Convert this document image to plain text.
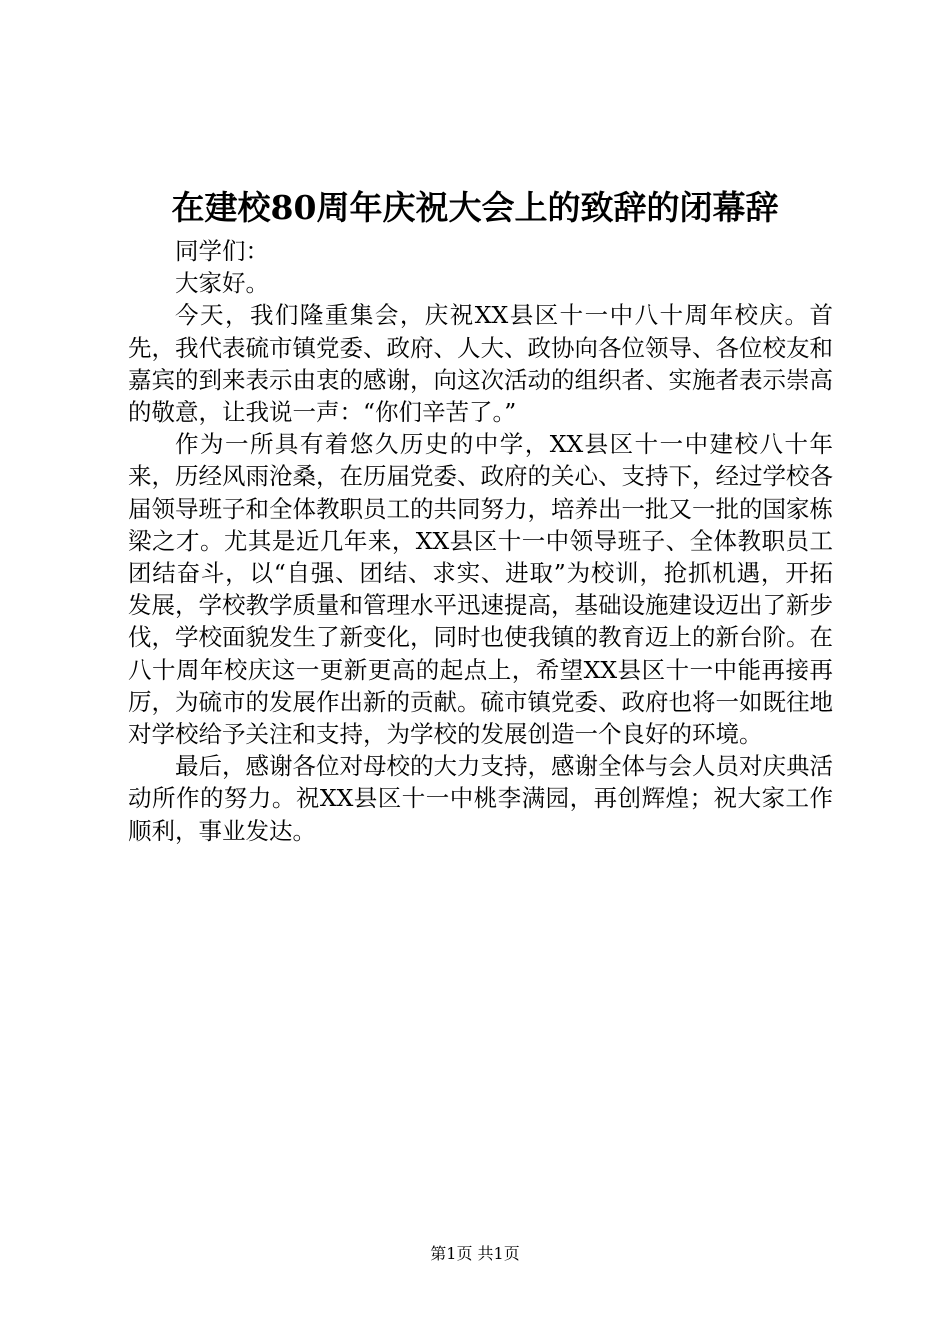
在建校80周年庆祝大会上的致辞的闭幕辞

同学们：

大家好。

今天，我们隆重集会，庆祝XX县区十一中八十周年校庆。首先，我代表硫市镇党委、政府、人大、政协向各位领导、各位校友和嘉宾的到来表示由衷的感谢，向这次活动的组织者、实施者表示崇高的敬意，让我说一声：“你们辛苦了。”

作为一所具有着悠久历史的中学，XX县区十一中建校八十年来，历经风雨沧桑，在历届党委、政府的关心、支持下，经过学校各届领导班子和全体教职员工的共同努力，培养出一批又一批的国家栋梁之才。尤其是近几年来，XX县区十一中领导班子、全体教职员工团结奋斗，以“自强、团结、求实、进取”为校训，抢抓机遇，开拓发展，学校教学质量和管理水平迅速提高，基础设施建设迈出了新步伐，学校面貌发生了新变化，同时也使我镇的教育迈上的新台阶。在八十周年校庆这一更新更高的起点上，希望XX县区十一中能再接再厉，为硫市的发展作出新的贡献。硫市镇党委、政府也将一如既往地对学校给予关注和支持，为学校的发展创造一个良好的环境。

最后，感谢各位对母校的大力支持，感谢全体与会人员对庆典活动所作的努力。祝XX县区十一中桃李满园，再创辉煌；祝大家工作顺利，事业发达。

第1页 共1页
